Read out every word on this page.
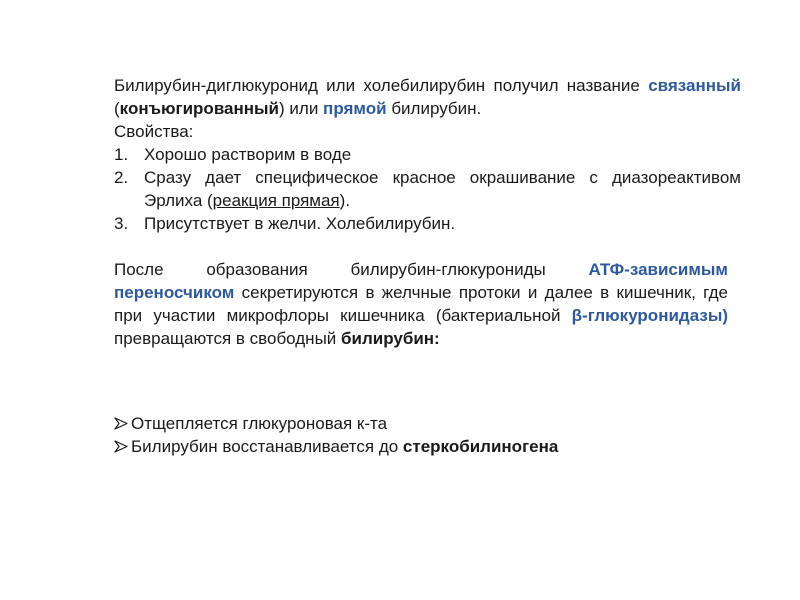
Билирубин-диглюкуронид или холебилирубин получил название связанный (конъюгированный) или прямой билирубин.

Свойства:

1. Хорошо растворим в воде
2. Сразу дает специфическое красное окрашивание с диазореактивом Эрлиха (реакция прямая).
3. Присутствует в желчи. Холебилирубин.

После образования билирубин-глюкурониды АТФ-зависимым переносчиком секретируются в желчные протоки и далее в кишечник, где при участии микрофлоры кишечника (бактериальной β-глюкуронидазы) превращаются в свободный билирубин:

Отщепляется глюкуроновая к-та
Билирубин восстанавливается до стеркобилиногена
